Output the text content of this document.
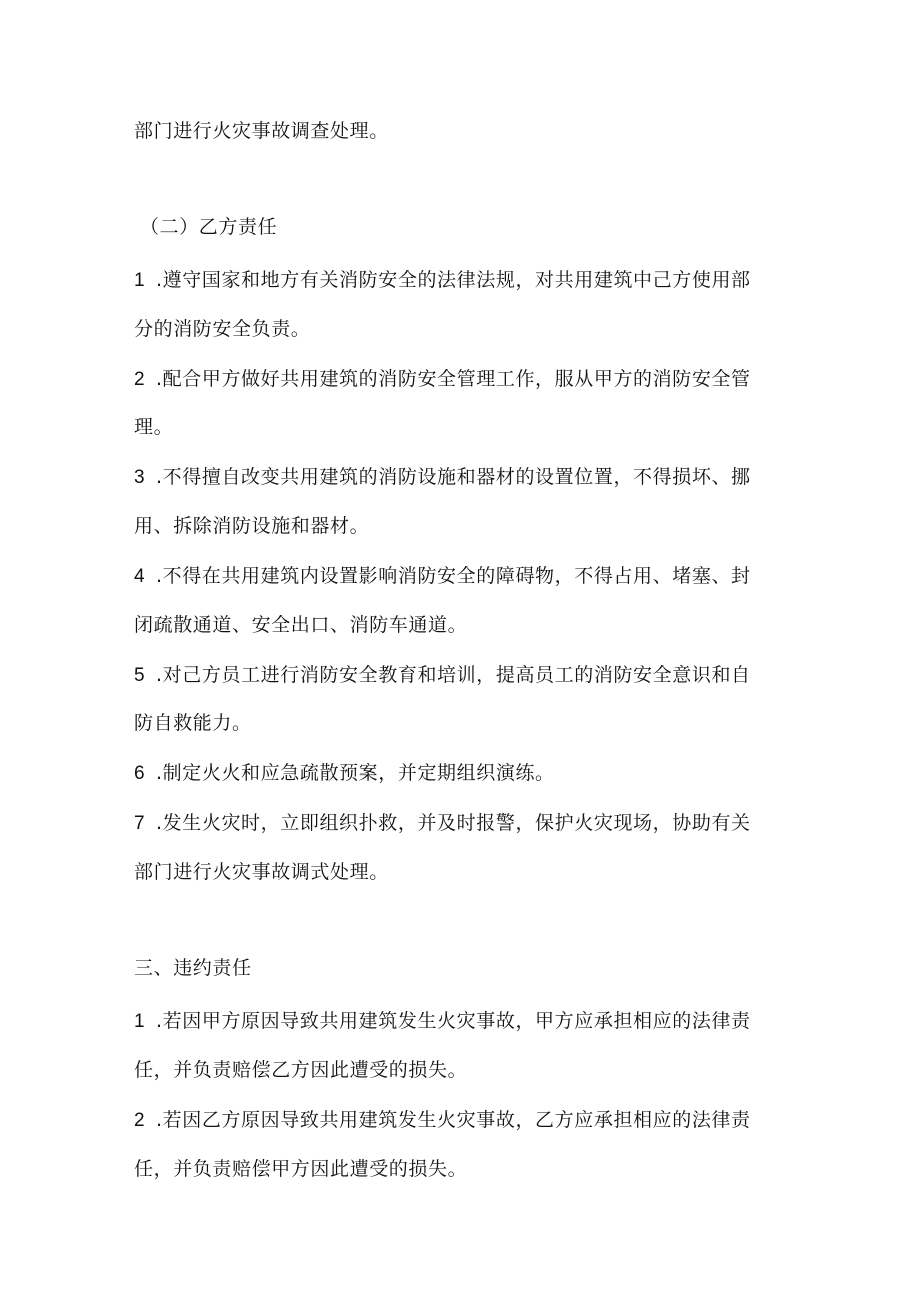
部门进行火灾事故调查处理。
（二）乙方责任
1 .遵守国家和地方有关消防安全的法律法规，对共用建筑中己方使用部
分的消防安全负责。
2 .配合甲方做好共用建筑的消防安全管理工作，服从甲方的消防安全管
理。
3 .不得擅自改变共用建筑的消防设施和器材的设置位置，不得损坏、挪
用、拆除消防设施和器材。
4 .不得在共用建筑内设置影响消防安全的障碍物，不得占用、堵塞、封
闭疏散通道、安全出口、消防车通道。
5 .对己方员工进行消防安全教育和培训，提高员工的消防安全意识和自
防自救能力。
6 .制定火火和应急疏散预案，并定期组织演练。
7 .发生火灾时，立即组织扑救，并及时报警，保护火灾现场，协助有关
部门进行火灾事故调式处理。
三、违约责任
1 .若因甲方原因导致共用建筑发生火灾事故，甲方应承担相应的法律责
任，并负责赔偿乙方因此遭受的损失。
2 .若因乙方原因导致共用建筑发生火灾事故，乙方应承担相应的法律责
任，并负责赔偿甲方因此遭受的损失。
